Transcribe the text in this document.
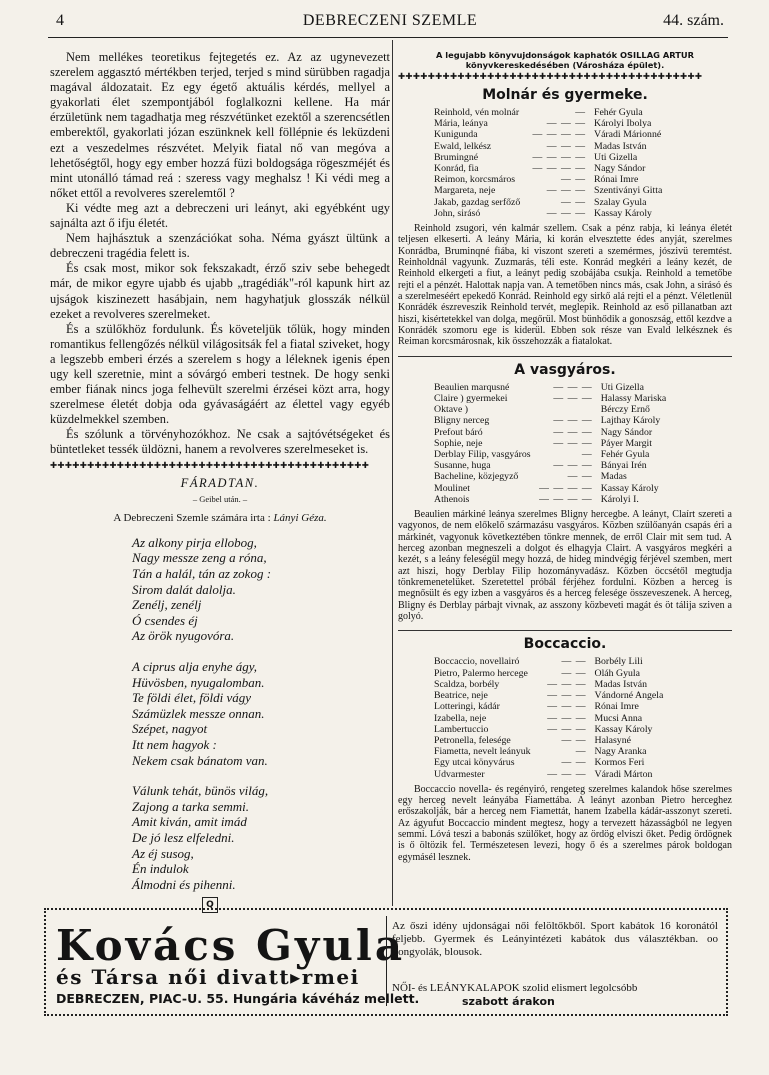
4	DEBRECZENI SZEMLE	44. szám.

Nem mellékes teoretikus fejtegetés ez. Az az ugynevezett szerelem aggasztó mértékben terjed, terjed s mind sürübben ragadja magával áldozatait. Ez egy égető aktuális kérdés, mellyel a gyakorlati élet szempontjából foglalkozni kellene. Ha már érzületünk nem tagadhatja meg részvétünket ezektől a szerencsétlen emberektől, gyakorlati józan eszünknek kell föllépnie és leküzdeni ezt a veszedelmes részvétet. Melyik fiatal nő van megóva a lehetőségtől, hogy egy ember hozzá füzi boldogsága rögeszméjét és mint utonálló támad reá : szeress vagy meghalsz ! Ki védi meg a nőket ettől a revolveres szerelemtől ?

Ki védte meg azt a debreczeni uri leányt, aki egyébként ugy sajnálta azt ő ifju életét.

Nem hajhásztuk a szenzációkat soha. Néma gyászt ültünk a debreczeni tragédia felett is.

És csak most, mikor sok fekszakadt, érző sziv sebe behegedt már, de mikor egyre ujabb és ujabb „tragédiák"-ról kapunk hirt az ujságok kiszinezett hasábjain, nem hagyhatjuk glosszák nélkül ezeket a revolveres szerelmeket.

És a szülőkhöz fordulunk. És követeljük tőlük, hogy minden romantikus fellengőzés nélkül világositsák fel a fiatal sziveket, hogy a legszebb emberi érzés a szerelem s hogy a léleknek igenis épen ugy kell szeretnie, mint a sóvárgó emberi testnek. De hogy senki ember fiának nincs joga felhevült szerelmi érzései közt arra, hogy szerelmese életét dobja oda gyávaságáért az élettel vagy egyéb küzdelmekkel szemben.

És szólunk a törvényhozókhoz. Ne csak a sajtóvétségeket és büntetleket tessék üldözni, hanem a revolveres szerelmeseket is.

✚✚✚✚✚✚✚✚✚✚✚✚✚✚✚✚✚✚✚✚✚✚✚✚✚✚✚✚✚✚✚✚✚✚✚✚✚✚✚✚✚✚✚
FÁRADTAN.
– Geibel után. –
A Debreczeni Szemle számára irta : Lányi Géza.
Az alkony pirja ellobog,
Nagy messze zeng a róna,
Tán a halál, tán az zokog :
Sirom dalát dalolja.
Zenélj, zenélj
Ó csendes éj
Az örök nyugovóra.
A ciprus alja enyhe ágy,
Hüvösben, nyugalomban.
Te földi élet, földi vágy
Számüzlek messze onnan.
Szépet, nagyot
Itt nem hagyok :
Nekem csak bánatom van.
Válunk tehát, bünös világ,
Zajong a tarka semmi.
Amit kiván, amit imád
De jó lesz elfeledni.
Az éj susog,
Én indulok
Álmodni és pihenni.
Q
A legujabb könyvujdonságok kaphatók OSILLAG ARTUR
könyvkereskedésében (Városháza épület).
✚✚✚✚✚✚✚✚✚✚✚✚✚✚✚✚✚✚✚✚✚✚✚✚✚✚✚✚✚✚✚✚✚✚✚✚✚✚✚✚✚
Molnár és gyermeke.
Reinhold, vén molnár	—	Fehér Gyula
Mária, leánya	— — —	Károlyi Ibolya
Kunigunda	— — — —	Váradi Márionné
Ewald, lelkész	— — —	Madas István
Brumingné	— — — —	Uti Gizella
Konrád, fia	— — — —	Nagy Sándor
Reimon, korcsmáros	— —	Rónai Imre
Margareta, neje	— — —	Szentiványi Gitta
Jakab, gazdag serfőző	— —	Szalay Gyula
John, sirásó	— — —	Kassay Károly

Reinhold zsugori, vén kalmár szellem. Csak a pénz rabja, ki leánya életét teljesen elkeserti. A leány Mária, ki korán elvesztette édes anyját, szerelmes Konrádba, Bruminqné fiába, ki viszont szereti a szemérmes, jószivü teremtést. Reinholdnál vagyunk. Zuzmarás, téli este. Konrád megkéri a leány kezét, de Reinhold elkergeti a fiut, a leányt pedig szobájába csukja. Reinhold a temetőbe rejti el a pénzét. Halottak napja van. A temetőben nincs más, csak John, a sirásó és a szerelmeséért epekedő Konrád. Reinhold egy sirkő alá rejti el a pénzt. Véletlenül Konrádék észreveszik Reinhold tervét, meglepik. Reinhold az eső pillanatban azt hiszi, kisértetekkel van dolga, megőrül. Most bünhődik a gonoszság, ettől kezdve a Konrádék szomoru ege is kiderül. Ebben sok része van Evald lelkésznek és Reiman korcsmárosnak, kik összehozzák a fiatalokat.

A vasgyáros.
Beaulien marqusné	— — —	Uti Gizella
Claire ) gyermekei	— — —	Halassy Mariska
Oktave )		Bérczy Ernő
Bligny nerceg	— — —	Lajthay Károly
Prefout báró	— — —	Nagy Sándor
Sophie, neje	— — —	Páyer Margit
Derblay Filip, vasgyáros	—	Fehér Gyula
Susanne, huga	— — —	Bányai Irén
Bacheline, közjegyző	— —	Madas
Moulinet	— — — —	Kassay Károly
Athenois	— — — —	Károlyi I.

Beaulien márkiné leánya szerelmes Bligny hercegbe. A leányt, Claírt szereti a vagyonos, de nem előkelő származásu vasgyáros. Közben szülőanyán csapás éri a márkinét, vagyonuk következtében tönkre mennek, de erről Clair mit sem tud. A herceg azonban megneszeli a dolgot és elhagyja Clairt. A vasgyáros megkéri a kezét, s a leány feleségül megy hozzá, de hideg mindvégig férjével szemben, mert azt hiszi, hogy Derblay Filip hozományvadász. Közben öccsétől megtudja tönkremenetelüket. Szeretettel próbál férjéhez fordulni. Közben a herceg is megnősült és egy izben a vasgyáros és a herceg felesége összeveszenek. A herceg, Bligny és Derblay párbajt vivnak, az asszony közbeveti magát és öt tálija sziven a golyó.

Boccaccio.
Boccaccio, novellairó	— —	Borbély Lili
Pietro, Palermo hercege	— —	Oláh Gyula
Scaldza, borbély	— — —	Madas István
Beatrice, neje	— — —	Vándorné Angela
Lotteringi, kádár	— — —	Rónai Imre
Izabella, neje	— — —	Mucsi Anna
Lambertuccio	— — —	Kassay Károly
Petronella, felesége	— —	Halasyné
Fiametta, nevelt leányuk	—	Nagy Aranka
Egy utcai könyvárus	— —	Kormos Feri
Udvarmester	— — —	Váradi Márton

Boccaccio novella- és regényiró, rengeteg szerelmes kalandok hőse szerelmes egy herceg nevelt leányába Fiamettába. A leányt azonban Pietro herceghez erőszakolják, bár a herceg nem Fiamettát, hanem Izabella kádár-asszonyt szereti. Az ágyufut Boccaccio mindent megtesz, hogy a tervezett házasságból ne legyen semmi. Lóvá teszi a babonás szülőket, hogy az ördög elviszi őket. Pedig ördögnek is ő öltözik fel. Természetesen levezi, hogy ő és a szerelmes párok boldogan egymásél lesznek.

Kovács Gyula
és Társa női divatt▸rmei
DEBRECZEN, PIAC-U. 55. Hungária kávéház mellett.
Az őszi idény ujdonságai női felöltőkből. Sport kabátok 16 koronától feljebb. Gyermek és Leányintézeti kabátok dus választékban. oo Pongyolák, blousok.
NŐI- és LEÁNYKALAPOK szolid elismert legolcsóbb
szabott árakon
